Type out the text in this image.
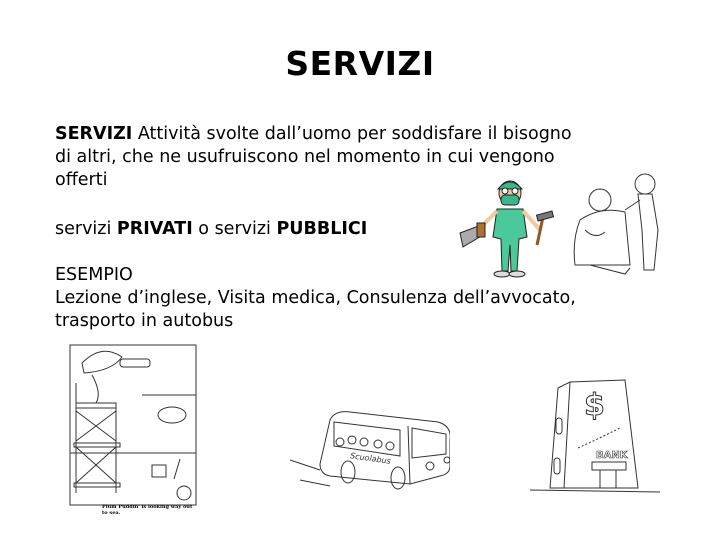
SERVIZI
SERVIZI Attività svolte dall’uomo per soddisfare il bisogno
di altri, che ne usufruiscono nel momento in cui vengono
offerti
servizi PRIVATI o servizi PUBBLICI
ESEMPIO
Lezione d’inglese, Visita medica, Consulenza dell’avvocato,
trasporto in autobus
Plum Puddin' is looking way out to sea.
Scuolabus
$
BANK
